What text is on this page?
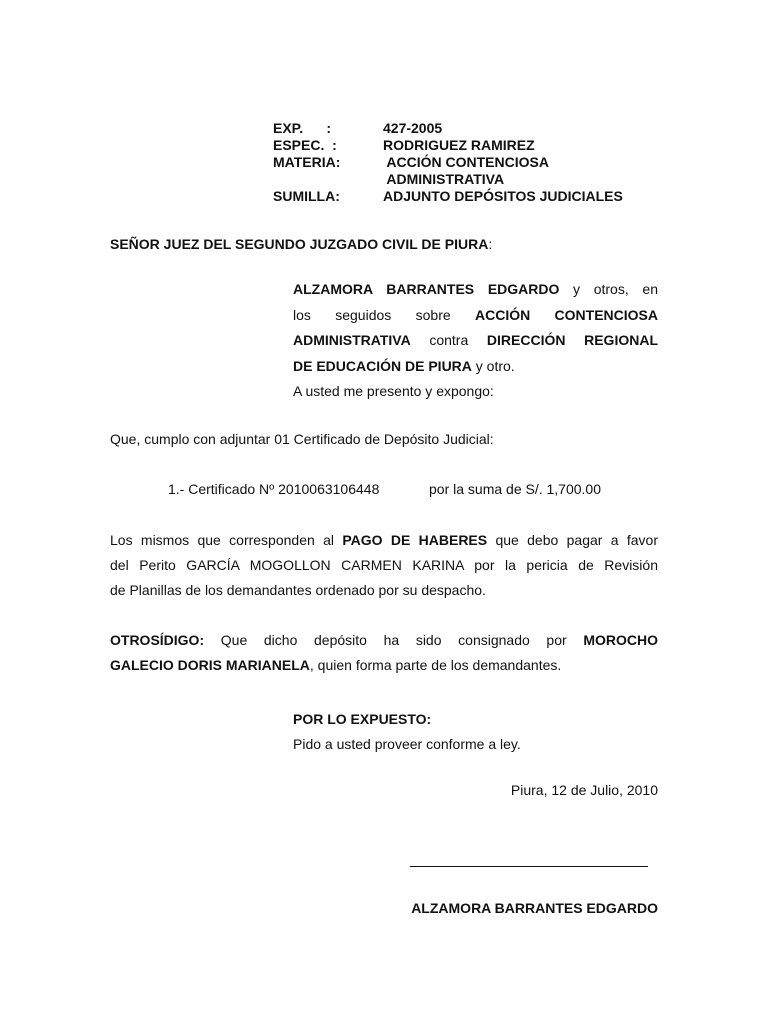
EXP.      :	427-2005
ESPEC.  :	RODRIGUEZ RAMIREZ
MATERIA:	ACCIÓN CONTENCIOSA
ADMINISTRATIVA
SUMILLA:	ADJUNTO DEPÓSITOS JUDICIALES
SEÑOR JUEZ DEL SEGUNDO JUZGADO CIVIL DE PIURA:
ALZAMORA BARRANTES EDGARDO y otros, en
los seguidos sobre ACCIÓN CONTENCIOSA
ADMINISTRATIVA contra DIRECCIÓN REGIONAL
DE EDUCACIÓN DE PIURA y otro.
A usted me presento y expongo:
Que, cumplo con adjuntar 01 Certificado de Depósito Judicial:
1.- Certificado Nº 2010063106448	por la suma de S/. 1,700.00
Los mismos que corresponden al PAGO DE HABERES que debo pagar a favor
del Perito GARCÍA MOGOLLON CARMEN KARINA por la pericia de Revisión
de Planillas de los demandantes ordenado por su despacho.
OTROSÍDIGO: Que dicho depósito ha sido consignado por MOROCHO
GALECIO DORIS MARIANELA, quien forma parte de los demandantes.
POR LO EXPUESTO:
Pido a usted proveer conforme a ley.
Piura, 12 de Julio, 2010
ALZAMORA BARRANTES EDGARDO
